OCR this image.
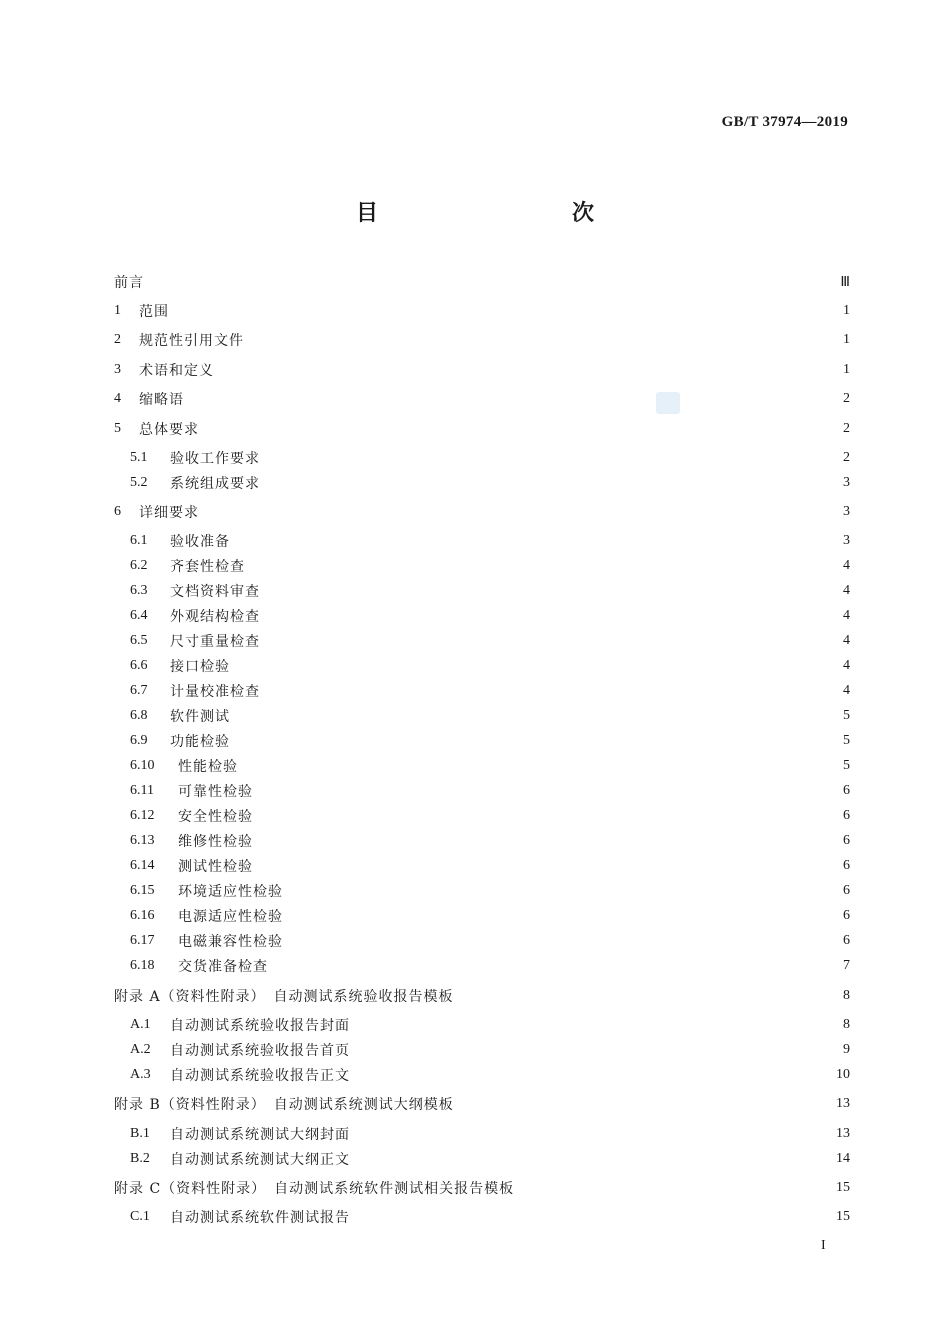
GB/T 37974—2019
目　　次
前言	Ⅲ
1	范围	1
2	规范性引用文件	1
3	术语和定义	1
4	缩略语	2
5	总体要求	2
5.1	验收工作要求	2
5.2	系统组成要求	3
6	详细要求	3
6.1	验收准备	3
6.2	齐套性检查	4
6.3	文档资料审查	4
6.4	外观结构检查	4
6.5	尺寸重量检查	4
6.6	接口检验	4
6.7	计量校准检查	4
6.8	软件测试	5
6.9	功能检验	5
6.10	性能检验	5
6.11	可靠性检验	6
6.12	安全性检验	6
6.13	维修性检验	6
6.14	测试性检验	6
6.15	环境适应性检验	6
6.16	电源适应性检验	6
6.17	电磁兼容性检验	6
6.18	交货准备检查	7
附录 A（资料性附录）　自动测试系统验收报告模板	8
A.1	自动测试系统验收报告封面	8
A.2	自动测试系统验收报告首页	9
A.3	自动测试系统验收报告正文	10
附录 B（资料性附录）　自动测试系统测试大纲模板	13
B.1	自动测试系统测试大纲封面	13
B.2	自动测试系统测试大纲正文	14
附录 C（资料性附录）　自动测试系统软件测试相关报告模板	15
C.1	自动测试系统软件测试报告	15
I
